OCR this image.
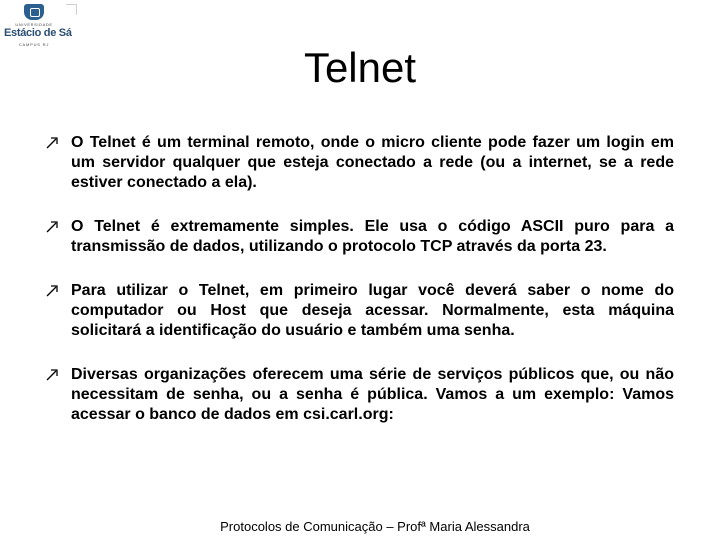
UNIVERSIDADE
Estácio de Sá
CAMPUS RJ	Telnet
O Telnet é um terminal remoto, onde o micro cliente pode fazer um login em um servidor qualquer que esteja conectado a rede (ou a internet, se a rede estiver conectado a ela).
O Telnet é extremamente simples. Ele usa o código ASCII puro para a transmissão de dados, utilizando o protocolo TCP através da porta 23.
Para utilizar o Telnet, em primeiro lugar você deverá saber o nome do computador ou Host que deseja acessar. Normalmente, esta máquina solicitará a identificação do usuário e também uma senha.
Diversas organizações oferecem uma série de serviços públicos que, ou não necessitam de senha, ou a senha é pública. Vamos a um exemplo: Vamos acessar o banco de dados em csi.carl.org:
Protocolos de Comunicação – Profª Maria Alessandra
